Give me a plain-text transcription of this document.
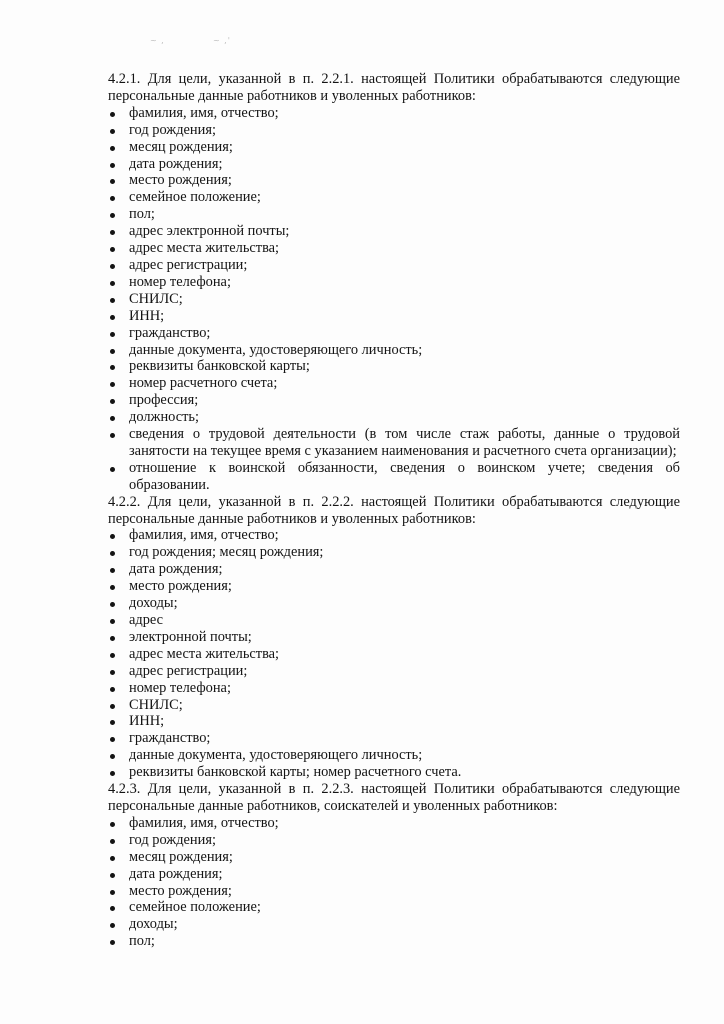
~ ,	~ ,'

4.2.1. Для цели, указанной в п. 2.2.1. настоящей Политики обрабатываются следующие персональные данные работников и уволенных работников:

фамилия, имя, отчество;
год рождения;
месяц рождения;
дата рождения;
место рождения;
семейное положение;
пол;
адрес электронной почты;
адрес места жительства;
адрес регистрации;
номер телефона;
СНИЛС;
ИНН;
гражданство;
данные документа, удостоверяющего личность;
реквизиты банковской карты;
номер расчетного счета;
профессия;
должность;
сведения о трудовой деятельности (в том числе стаж работы, данные о трудовой занятости на текущее время с указанием наименования и расчетного счета организации);
отношение к воинской обязанности, сведения о воинском учете; сведения об образовании.

4.2.2. Для цели, указанной в п. 2.2.2. настоящей Политики обрабатываются следующие персональные данные работников и уволенных работников:

фамилия, имя, отчество;
год рождения; месяц рождения;
дата рождения;
место рождения;
доходы;
адрес
электронной почты;
адрес места жительства;
адрес регистрации;
номер телефона;
СНИЛС;
ИНН;
гражданство;
данные документа, удостоверяющего личность;
реквизиты банковской карты; номер расчетного счета.

4.2.3. Для цели, указанной в п. 2.2.3. настоящей Политики обрабатываются следующие персональные данные работников, соискателей и уволенных работников:

фамилия, имя, отчество;
год рождения;
месяц рождения;
дата рождения;
место рождения;
семейное положение;
доходы;
пол;
